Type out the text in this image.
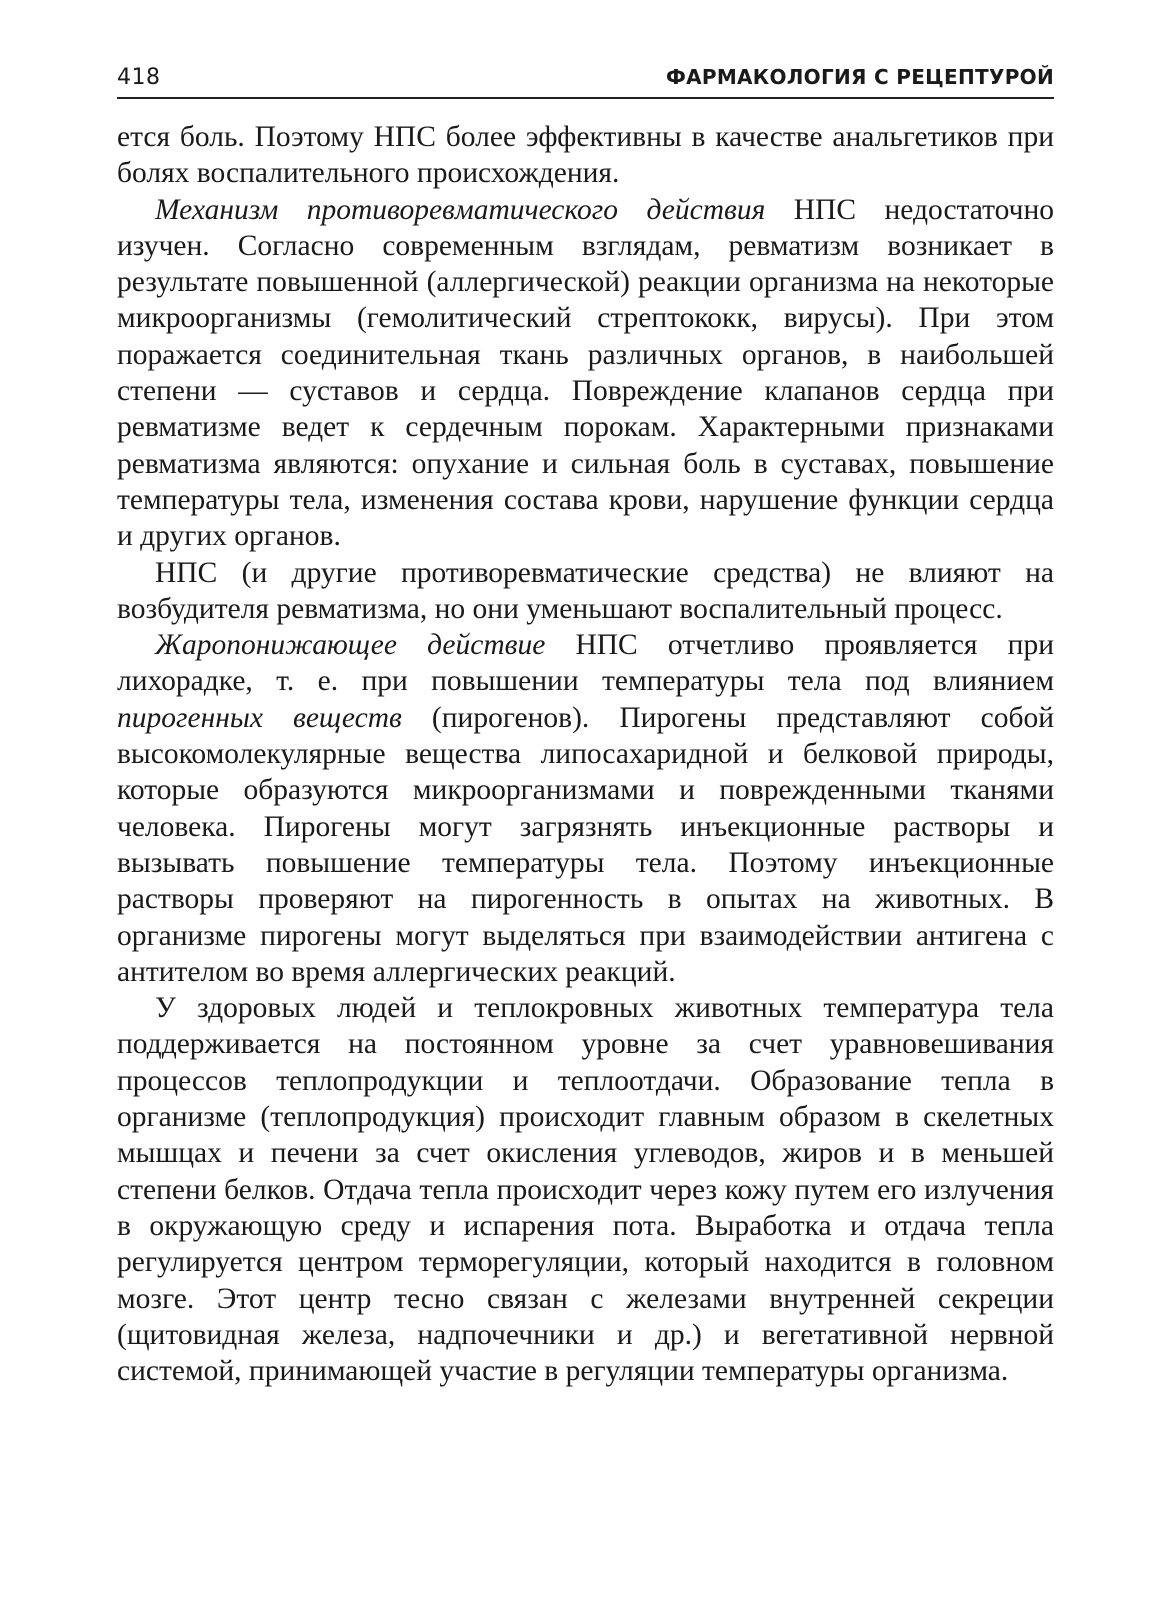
418	ФАРМАКОЛОГИЯ С РЕЦЕПТУРОЙ

ется боль. Поэтому НПС более эффективны в качестве анальгетиков при болях воспалительного происхождения.

Механизм противоревматического действия НПС недостаточно изучен. Согласно современным взглядам, ревматизм возникает в результате повышенной (аллергической) реакции организма на некоторые микроорганизмы (гемолитический стрептококк, вирусы). При этом поражается соединительная ткань различных органов, в наибольшей степени — суставов и сердца. Повреждение клапанов сердца при ревматизме ведет к сердечным порокам. Характерными признаками ревматизма являются: опухание и сильная боль в суставах, повышение температуры тела, изменения состава крови, нарушение функции сердца и других органов.

НПС (и другие противоревматические средства) не влияют на возбудителя ревматизма, но они уменьшают воспалительный процесс.

Жаропонижающее действие НПС отчетливо проявляется при лихорадке, т. е. при повышении температуры тела под влиянием пирогенных веществ (пирогенов). Пирогены представляют собой высокомолекулярные вещества липосахаридной и белковой природы, которые образуются микроорганизмами и поврежденными тканями человека. Пирогены могут загрязнять инъекционные растворы и вызывать повышение температуры тела. Поэтому инъекционные растворы проверяют на пирогенность в опытах на животных. В организме пирогены могут выделяться при взаимодействии антигена с антителом во время аллергических реакций.

У здоровых людей и теплокровных животных температура тела поддерживается на постоянном уровне за счет уравновешивания процессов теплопродукции и теплоотдачи. Образование тепла в организме (теплопродукция) происходит главным образом в скелетных мышцах и печени за счет окисления углеводов, жиров и в меньшей степени белков. Отдача тепла происходит через кожу путем его излучения в окружающую среду и испарения пота. Выработка и отдача тепла регулируется центром терморегуляции, который находится в головном мозге. Этот центр тесно связан с железами внутренней секреции (щитовидная железа, надпочечники и др.) и вегетативной нервной системой, принимающей участие в регуляции температуры организма.
